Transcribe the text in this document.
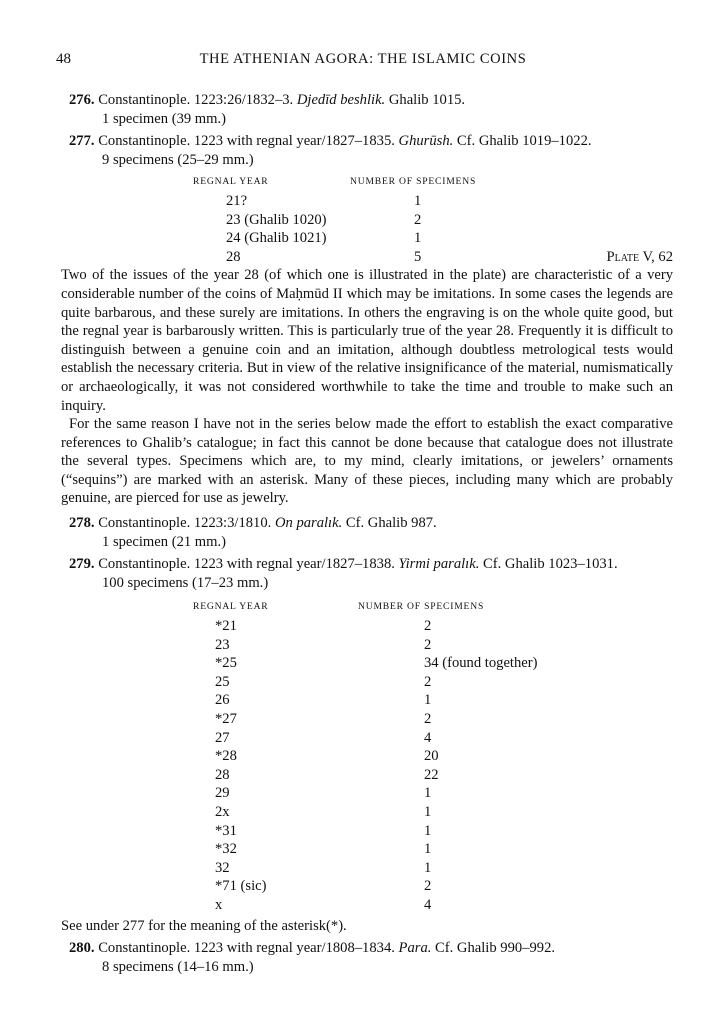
48	THE ATHENIAN AGORA: THE ISLAMIC COINS
276. Constantinople. 1223:26/1832–3. Djedīd beshlik. Ghalib 1015.
1 specimen (39 mm.)
277. Constantinople. 1223 with regnal year/1827–1835. Ghurūsh. Cf. Ghalib 1019–1022.
9 specimens (25–29 mm.)
REGNAL YEAR	NUMBER OF SPECIMENS
21?	1
23 (Ghalib 1020)	2
24 (Ghalib 1021)	1
28	5	Plate V, 62

Two of the issues of the year 28 (of which one is illustrated in the plate) are characteristic of a very considerable number of the coins of Maḥmūd II which may be imitations. In some cases the legends are quite barbarous, and these surely are imitations. In others the engraving is on the whole quite good, but the regnal year is barbarously written. This is particularly true of the year 28. Frequently it is difficult to distinguish between a genuine coin and an imitation, although doubtless metrological tests would establish the necessary criteria. But in view of the relative insignificance of the material, numismatically or archaeologically, it was not considered worthwhile to take the time and trouble to make such an inquiry.

For the same reason I have not in the series below made the effort to establish the exact comparative references to Ghalib’s catalogue; in fact this cannot be done because that catalogue does not illustrate the several types. Specimens which are, to my mind, clearly imitations, or jewelers’ ornaments (“sequins”) are marked with an asterisk. Many of these pieces, including many which are probably genuine, are pierced for use as jewelry.

278. Constantinople. 1223:3/1810. On paralık. Cf. Ghalib 987.
1 specimen (21 mm.)
279. Constantinople. 1223 with regnal year/1827–1838. Yirmi paralık. Cf. Ghalib 1023–1031.
100 specimens (17–23 mm.)
REGNAL YEAR	NUMBER OF SPECIMENS
*21	2
23	2
*25	34 (found together)
25	2
26	1
*27	2
27	4
*28	20
28	22
29	1
2x	1
*31	1
*32	1
32	1
*71 (sic)	2
x	4
See under 277 for the meaning of the asterisk(*).
280. Constantinople. 1223 with regnal year/1808–1834. Para. Cf. Ghalib 990–992.
8 specimens (14–16 mm.)
